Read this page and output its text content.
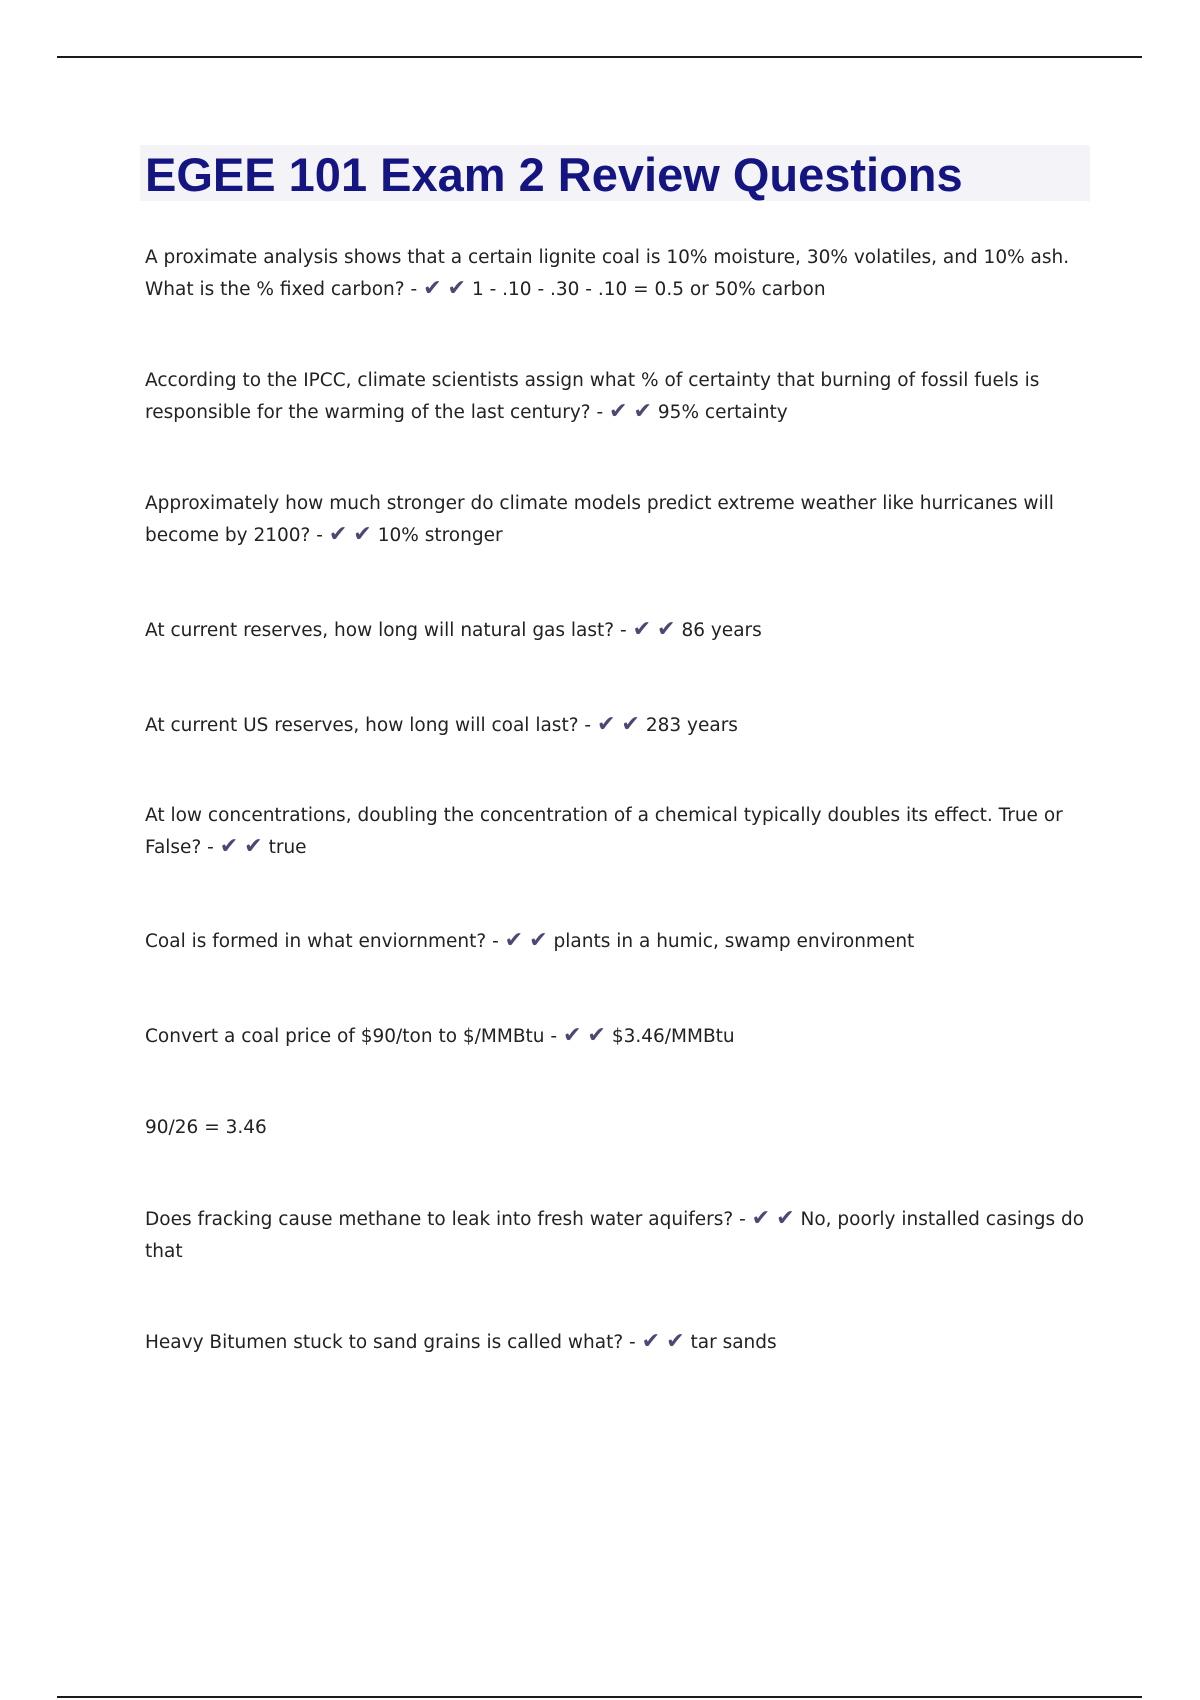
EGEE 101 Exam 2 Review Questions

A proximate analysis shows that a certain lignite coal is 10% moisture, 30% volatiles, and 10% ash. What is the % fixed carbon? - ✔ ✔ 1 - .10 - .30 - .10 = 0.5 or 50% carbon

According to the IPCC, climate scientists assign what % of certainty that burning of fossil fuels is responsible for the warming of the last century? - ✔ ✔ 95% certainty

Approximately how much stronger do climate models predict extreme weather like hurricanes will become by 2100? - ✔ ✔ 10% stronger

At current reserves, how long will natural gas last? - ✔ ✔ 86 years

At current US reserves, how long will coal last? - ✔ ✔ 283 years

At low concentrations, doubling the concentration of a chemical typically doubles its effect. True or False? - ✔ ✔ true

Coal is formed in what enviornment? - ✔ ✔ plants in a humic, swamp environment

Convert a coal price of $90/ton to $/MMBtu - ✔ ✔ $3.46/MMBtu

90/26 = 3.46

Does fracking cause methane to leak into fresh water aquifers? - ✔ ✔ No, poorly installed casings do that

Heavy Bitumen stuck to sand grains is called what? - ✔ ✔ tar sands
